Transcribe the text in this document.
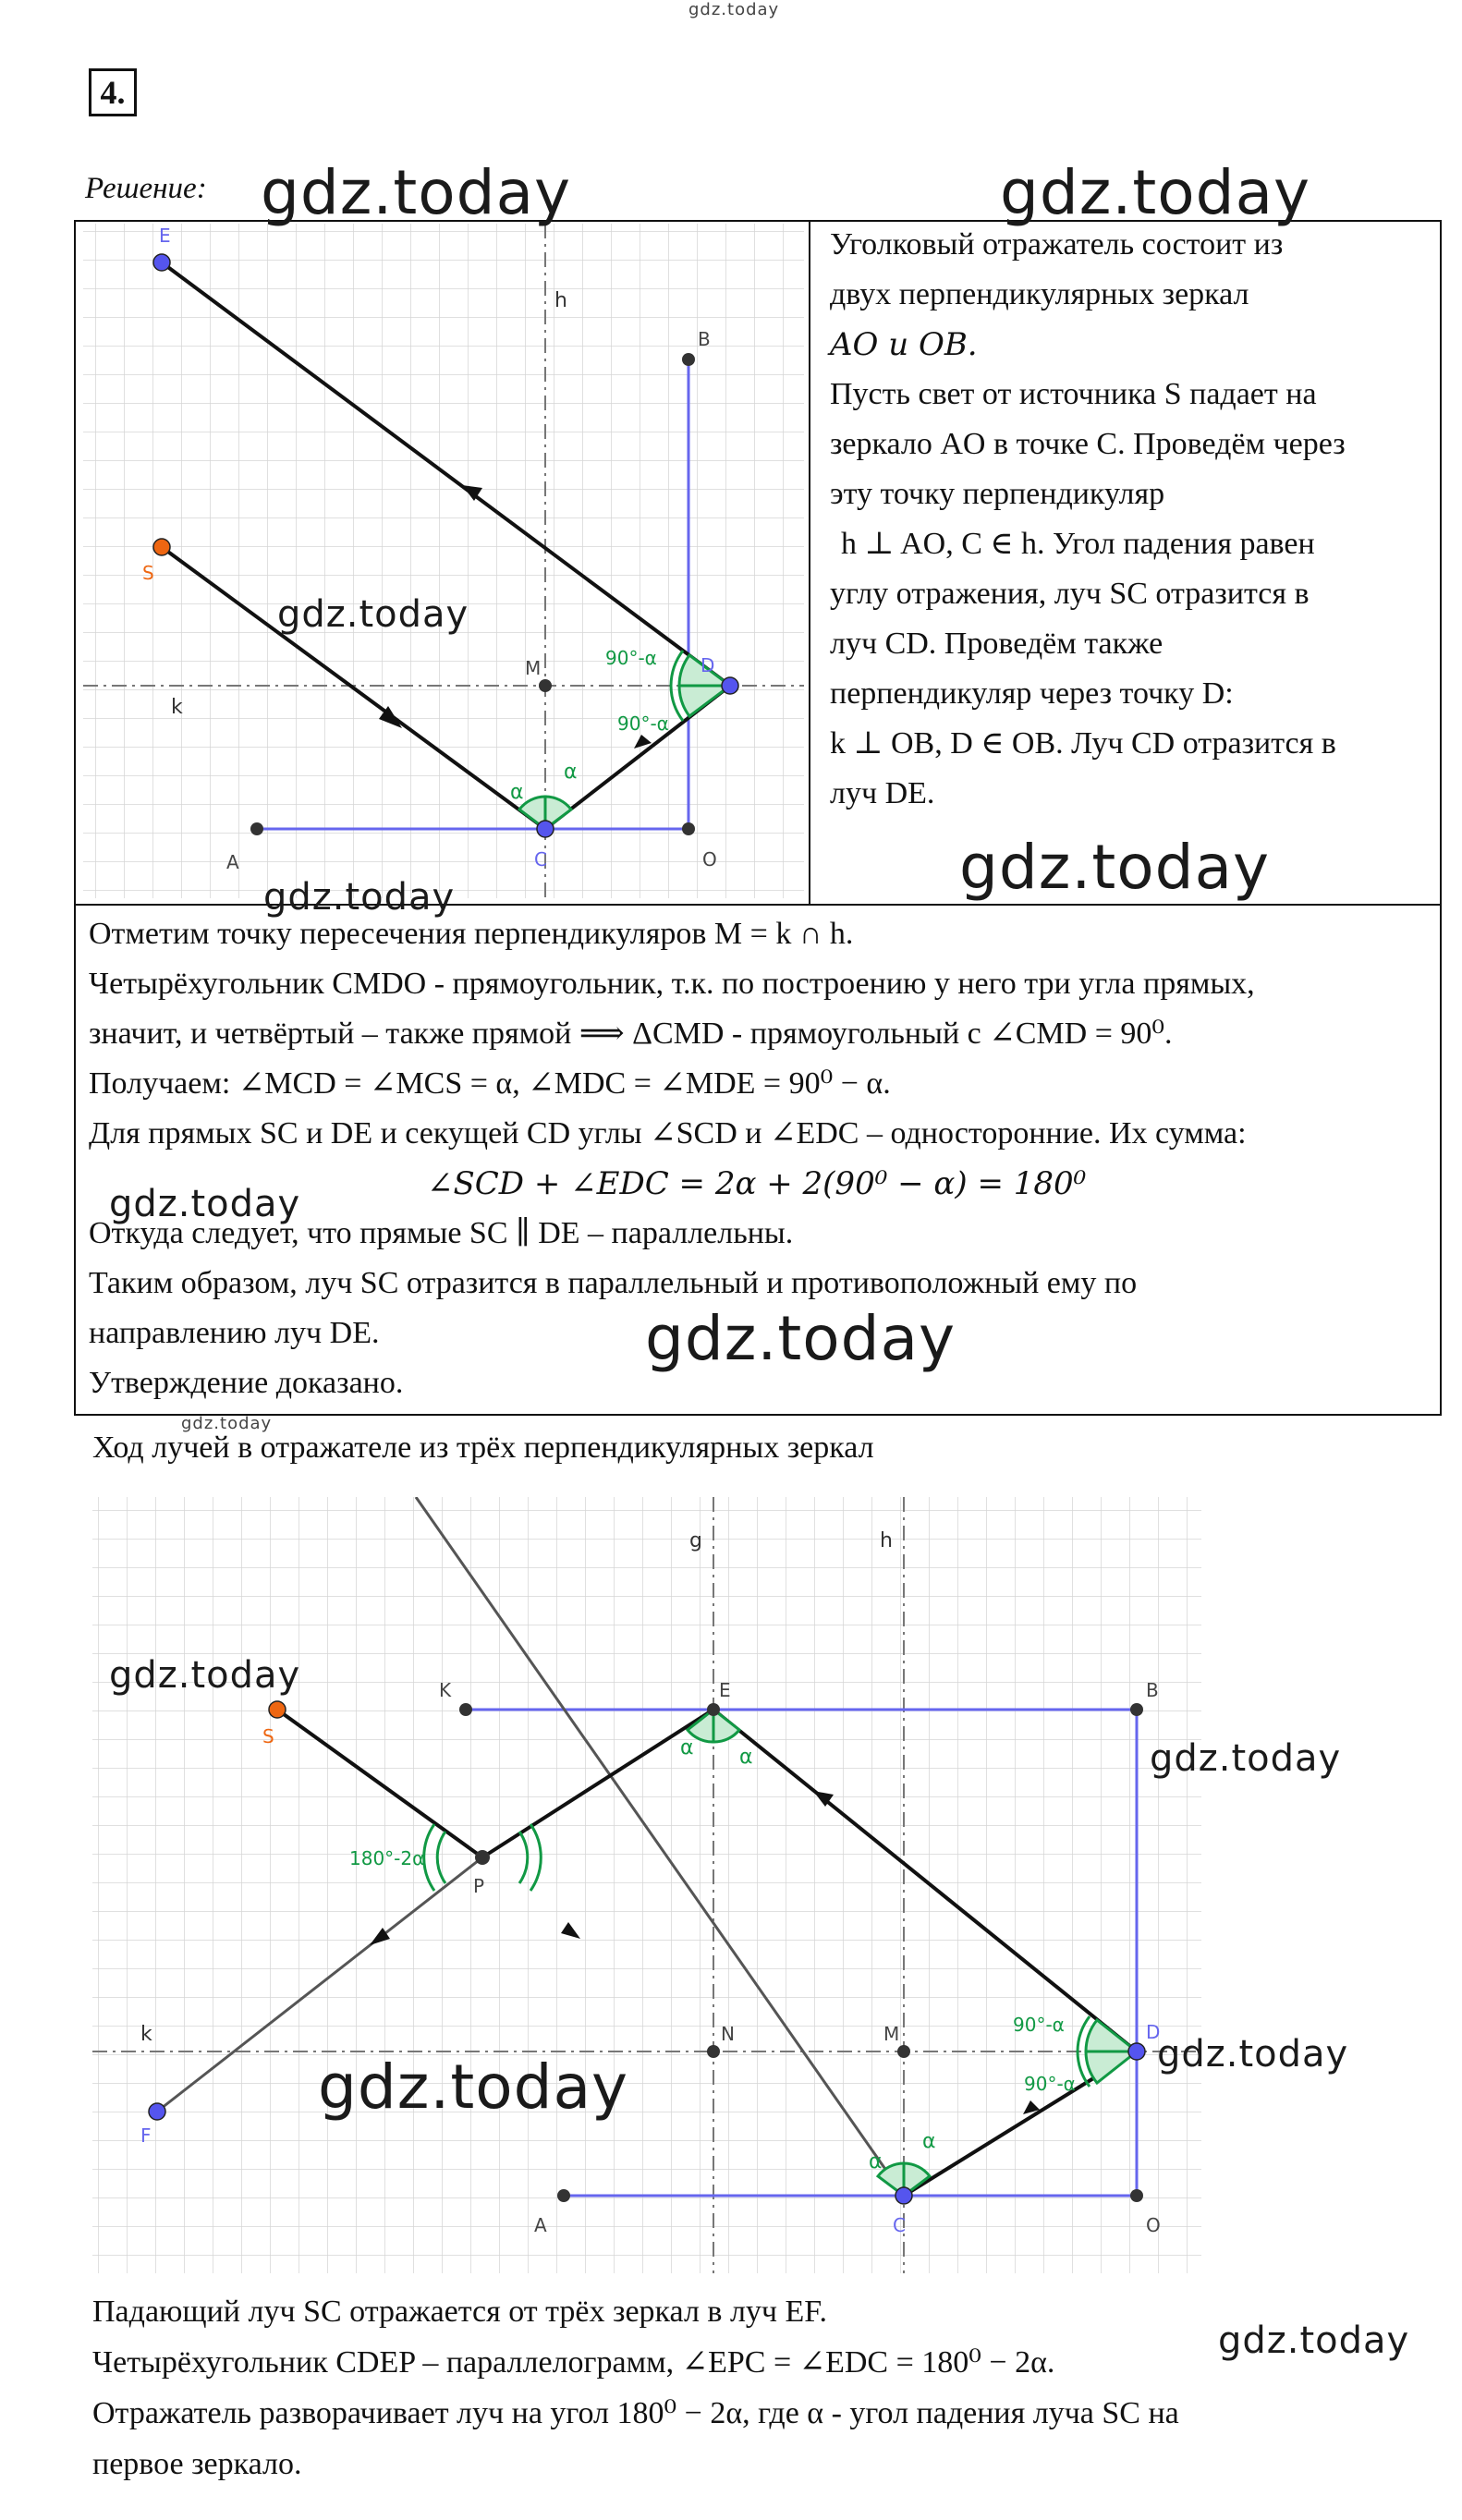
gdz.today
4.
Решение:
E
S
B
M	D
C
A	O
h
k
90°-α
90°-α
α
α
Уголковый отражатель состоит из
двух перпендикулярных зеркал
AO и OB.
Пусть свет от источника S падает на
зеркало AO в точке C. Проведём через
эту точку перпендикуляр
h ⊥ AO, C ∈ h. Угол падения равен
углу отражения, луч SC отразится в
луч CD. Проведём также
перпендикуляр через точку D:
k ⊥ OB, D ∈ OB. Луч CD отразится в
луч DE.
Отметим точку пересечения перпендикуляров M = k ∩ h.
Четырёхугольник CMDO - прямоугольник, т.к. по построению у него три угла прямых,
значит, и четвёртый – также прямой ⟹ ΔCMD - прямоугольный с ∠CMD = 90⁰.
Получаем: ∠MCD = ∠MCS = α, ∠MDC = ∠MDE = 90⁰ − α.
Для прямых SC и DE и секущей CD углы ∠SCD и ∠EDC – односторонние. Их сумма:
∠SCD + ∠EDC = 2α + 2(90⁰ − α) = 180⁰
Откуда следует, что прямые SC ∥ DE – параллельны.
Таким образом, луч SC отразится в параллельный и противоположный ему по
направлению луч DE.
Утверждение доказано.
Ход лучей в отражателе из трёх перпендикулярных зеркал
S
K	E	B
P
N	M	D
F
A	C	O
g	h
k
180°-2α
90°-α
90°-α
α α
α
α
Падающий луч SC отражается от трёх зеркал в луч EF.
Четырёхугольник CDEP – параллелограмм, ∠EPC = ∠EDC = 180⁰ − 2α.
Отражатель разворачивает луч на угол 180⁰ − 2α, где α - угол падения луча SC на
первое зеркало.
gdz.today	gdz.today
gdz.today
gdz.today
gdz.today
gdz.today
gdz.today
gdz.today
gdz.today
gdz.today
gdz.today
gdz.today
gdz.today
